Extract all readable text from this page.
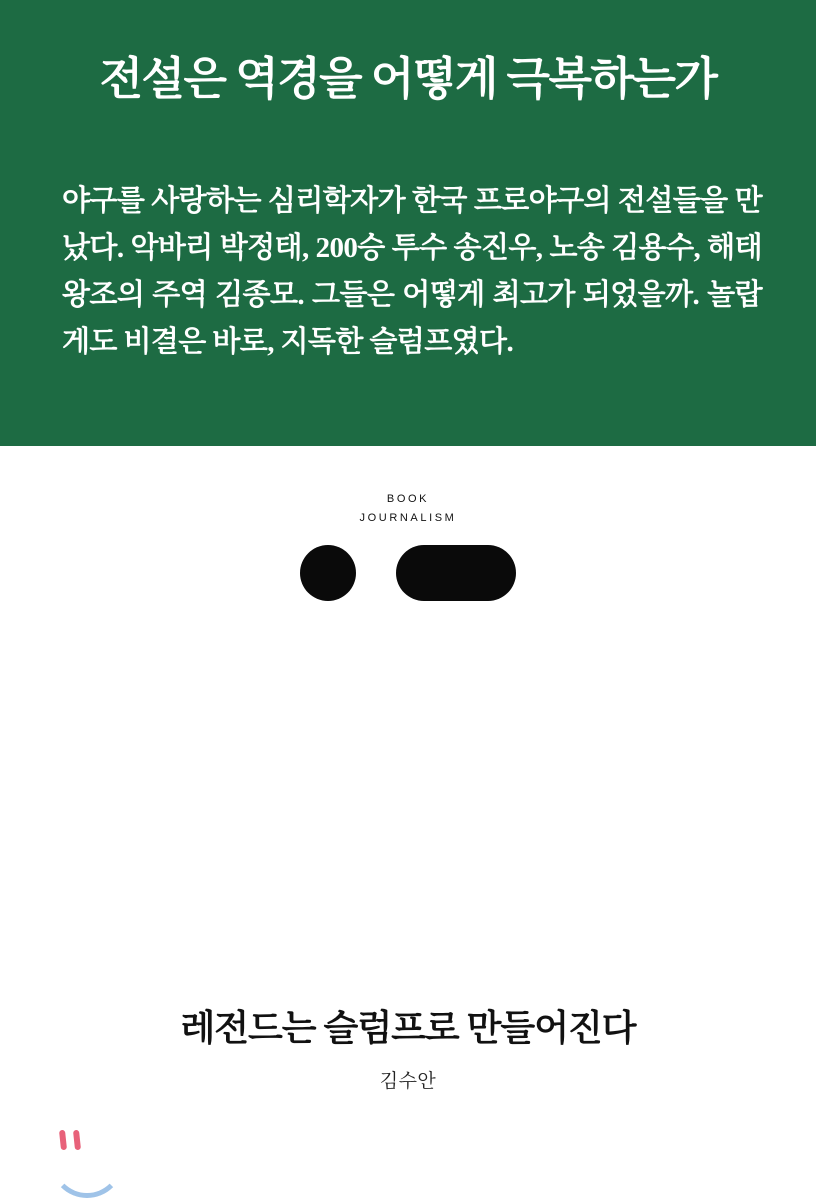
전설은 역경을 어떻게 극복하는가
야구를 사랑하는 심리학자가 한국 프로야구의 전설들을 만났다. 악바리 박정태, 200승 투수 송진우, 노송 김용수, 해태 왕조의 주역 김종모. 그들은 어떻게 최고가 되었을까. 놀랍게도 비결은 바로, 지독한 슬럼프였다.
BOOK
JOURNALISM
레전드는 슬럼프로 만들어진다
김수안
